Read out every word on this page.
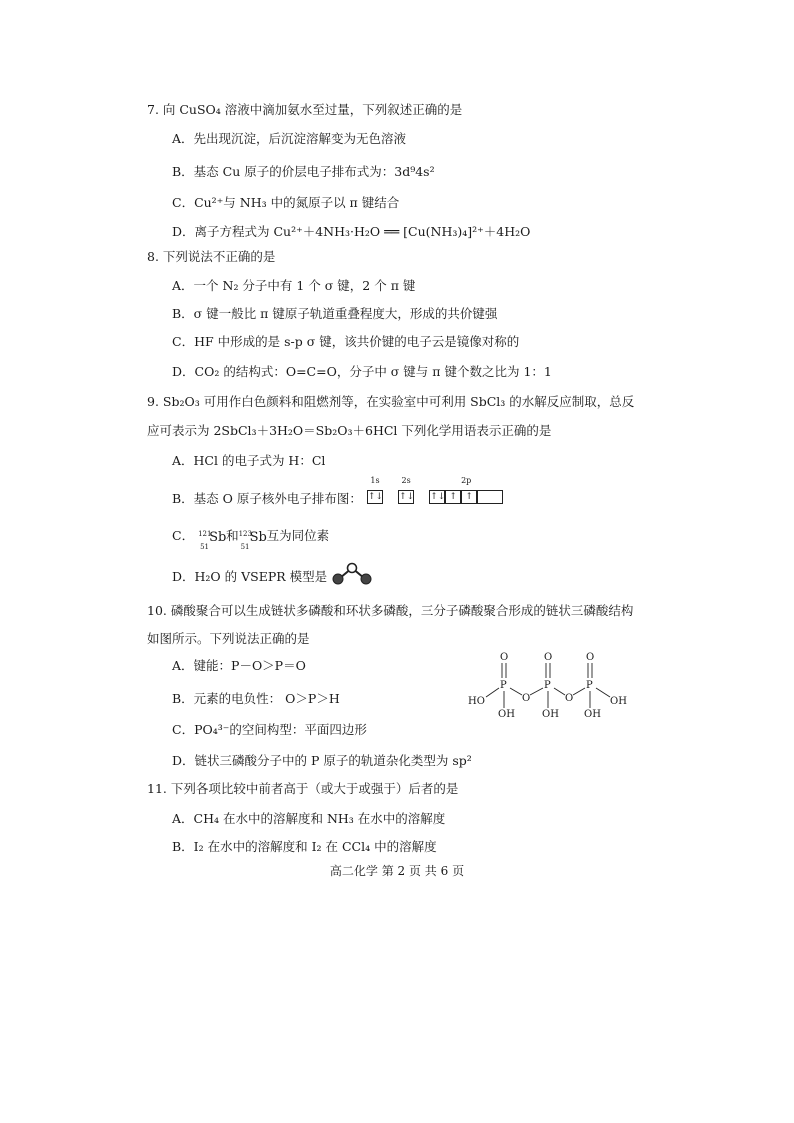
7. 向 CuSO₄ 溶液中滴加氨水至过量，下列叙述正确的是
A．先出现沉淀，后沉淀溶解变为无色溶液
B．基态 Cu 原子的价层电子排布式为：3d⁹4s²
C．Cu²⁺与 NH₃ 中的氮原子以 π 键结合
D．离子方程式为 Cu²⁺＋4NH₃·H₂O ══ [Cu(NH₃)₄]²⁺＋4H₂O
8. 下列说法不正确的是
A．一个 N₂ 分子中有 1 个 σ 键，2 个 π 键
B．σ 键一般比 π 键原子轨道重叠程度大，形成的共价键强
C．HF 中形成的是 s-p σ 键，该共价键的电子云是镜像对称的
D．CO₂ 的结构式：O=C=O，分子中 σ 键与 π 键个数之比为 1：1
9. Sb₂O₃ 可用作白色颜料和阻燃剂等，在实验室中可利用 SbCl₃ 的水解反应制取，总反
应可表示为 2SbCl₃＋3H₂O＝Sb₂O₃＋6HCl 下列化学用语表示正确的是
A．HCl 的电子式为 H：Cl
B．基态 O 原子核外电子排布图：
1s
↑↓
2s
↑↓
2p
↑↓ ↑ ↑
C． 121
51
Sb 和 123
51
Sb 互为同位素
D．H₂O 的 VSEPR 模型是
10. 磷酸聚合可以生成链状多磷酸和环状多磷酸，三分子磷酸聚合形成的链状三磷酸结构
如图所示。下列说法正确的是
A．键能：P－O＞P＝O
B．元素的电负性： O＞P＞H
C．PO₄³⁻的空间构型：平面四边形
D．链状三磷酸分子中的 P 原子的轨道杂化类型为 sp²
O	O	O
P	P	P
O	O
HO	OH
OH	OH	OH
11. 下列各项比较中前者高于（或大于或强于）后者的是
A．CH₄ 在水中的溶解度和 NH₃ 在水中的溶解度
B．I₂ 在水中的溶解度和 I₂ 在 CCl₄ 中的溶解度
高二化学 第 2 页 共 6 页
